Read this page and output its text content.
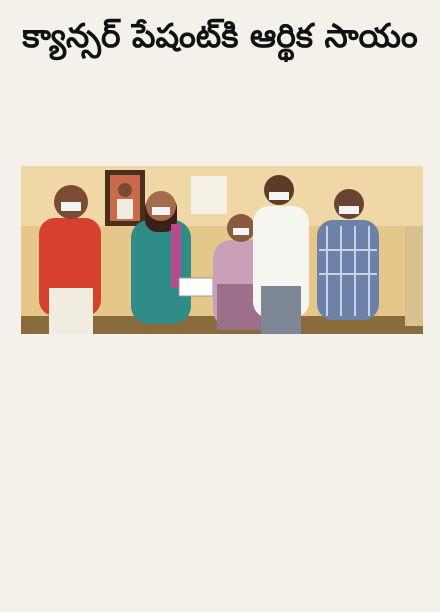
క్యాన్సర్ పేషంట్‌కి ఆర్థిక సాయం
